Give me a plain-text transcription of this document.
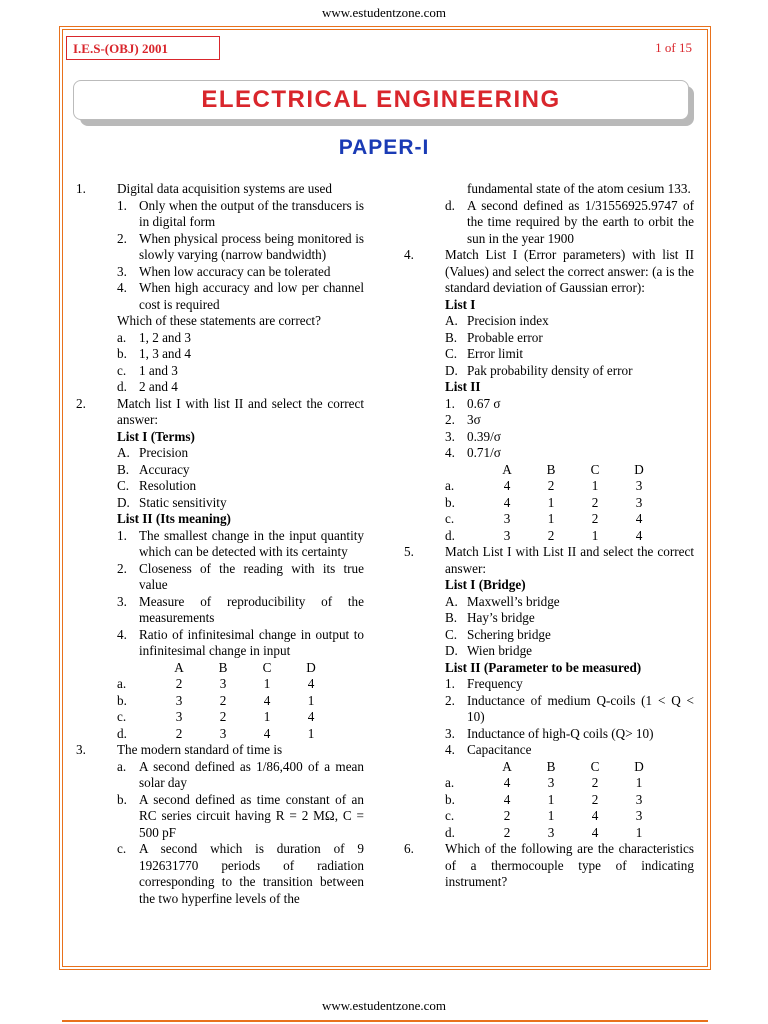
www.estudentzone.com
I.E.S-(OBJ) 2001	1 of 15
ELECTRICAL ENGINEERING
PAPER-I
1. Digital data acquisition systems are used
1. Only when the output of the transducers is in digital form
2. When physical process being monitored is slowly varying (narrow bandwidth)
3. When low accuracy can be tolerated
4. When high accuracy and low per channel cost is required
Which of these statements are correct?
a. 1, 2 and 3
b. 1, 3 and 4
c. 1 and 3
d. 2 and 4
2. Match list I with list II and select the correct answer:
List I (Terms)
A. Precision
B. Accuracy
C. Resolution
D. Static sensitivity
List II (Its meaning)
1. The smallest change in the input quantity which can be detected with its certainty
2. Closeness of the reading with its true value
3. Measure of reproducibility of the measurements
4. Ratio of infinitesimal change in output to infinitesimal change in input
	A	B	C	D
a.	2	3	1	4
b.	3	2	4	1
c.	3	2	1	4
d.	2	3	4	1
3. The modern standard of time is
a. A second defined as 1/86,400 of a mean solar day
b. A second defined as time constant of an RC series circuit having R = 2 MΩ, C = 500 pF
c. A second which is duration of 9 192631770 periods of radiation corresponding to the transition between the two hyperfine levels of the
fundamental state of the atom cesium 133.
d. A second defined as 1/31556925.9747 of the time required by the earth to orbit the sun in the year 1900
4. Match List I (Error parameters) with list II (Values) and select the correct answer: (a is the standard deviation of Gaussian error):
List I
A. Precision index
B. Probable error
C. Error limit
D. Pak probability density of error
List II
1. 0.67 σ
2. 3σ
3. 0.39/σ
4. 0.71/σ
	A	B	C	D
a.	4	2	1	3
b.	4	1	2	3
c.	3	1	2	4
d.	3	2	1	4
5. Match List I with List II and select the correct answer:
List I (Bridge)
A. Maxwell’s bridge
B. Hay’s bridge
C. Schering bridge
D. Wien bridge
List II (Parameter to be measured)
1. Frequency
2. Inductance of medium Q-coils (1 < Q < 10)
3. Inductance of high-Q coils (Q> 10)
4. Capacitance
	A	B	C	D
a.	4	3	2	1
b.	4	1	2	3
c.	2	1	4	3
d.	2	3	4	1
6. Which of the following are the characteristics of a thermocouple type of indicating instrument?
www.estudentzone.com
